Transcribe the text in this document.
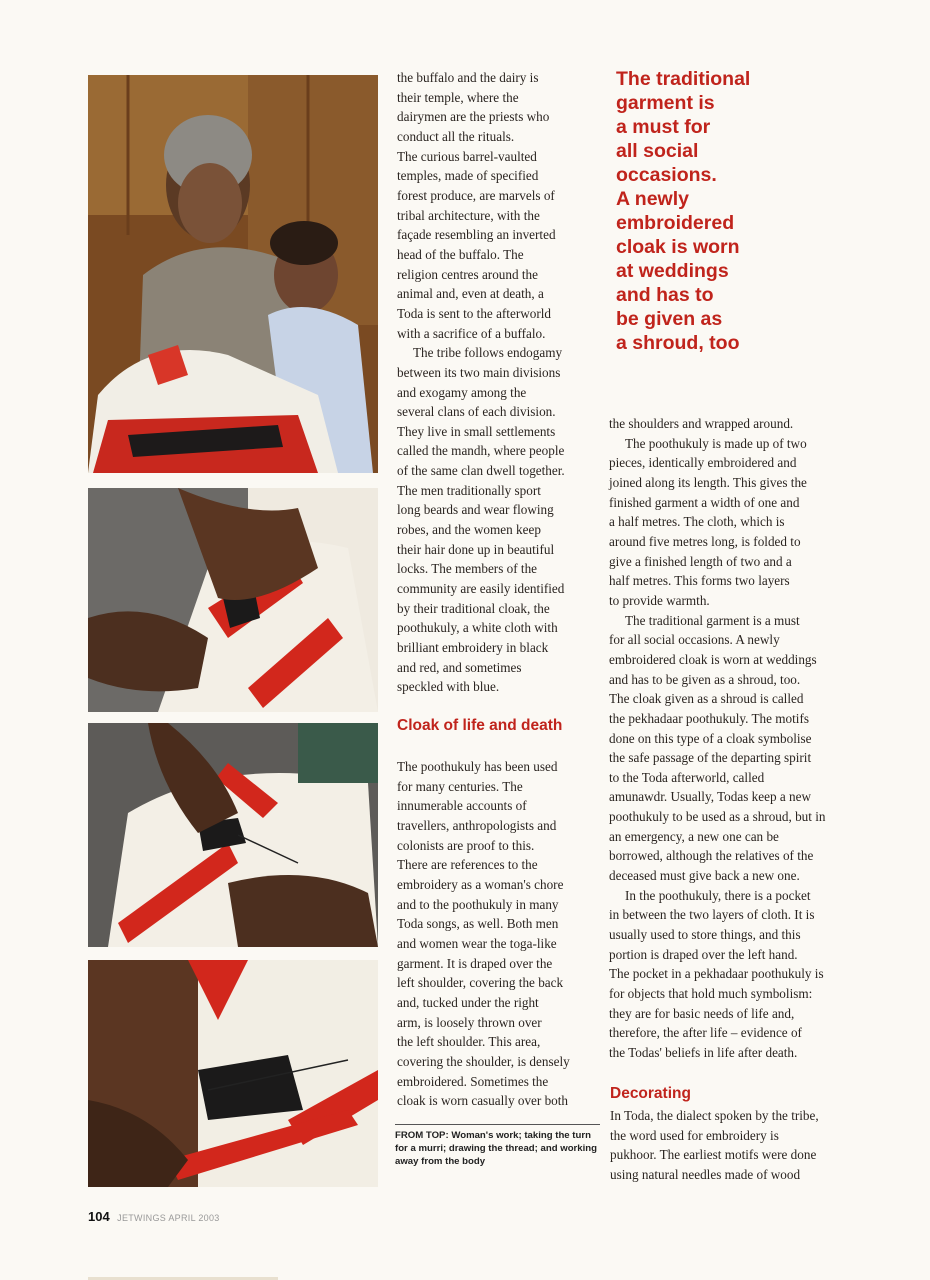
the buffalo and the dairy is

their temple, where the

dairymen are the priests who

conduct all the rituals.

The curious barrel-vaulted

temples, made of specified

forest produce, are marvels of

tribal architecture, with the

façade resembling an inverted

head of the buffalo. The

religion centres around the

animal and, even at death, a

Toda is sent to the afterworld

with a sacrifice of a buffalo.

The tribe follows endogamy

between its two main divisions

and exogamy among the

several clans of each division.

They live in small settlements

called the mandh, where people

of the same clan dwell together.

The men traditionally sport

long beards and wear flowing

robes, and the women keep

their hair done up in beautiful

locks. The members of the

community are easily identified

by their traditional cloak, the

poothukuly, a white cloth with

brilliant embroidery in black

and red, and sometimes

speckled with blue.

Cloak of life and death

The poothukuly has been used

for many centuries. The

innumerable accounts of

travellers, anthropologists and

colonists are proof to this.

There are references to the

embroidery as a woman's chore

and to the poothukuly in many

Toda songs, as well. Both men

and women wear the toga-like

garment. It is draped over the

left shoulder, covering the back

and, tucked under the right

arm, is loosely thrown over

the left shoulder. This area,

covering the shoulder, is densely

embroidered. Sometimes the

cloak is worn casually over both

The traditional
garment is
a must for
all social
occasions.
A newly
embroidered
cloak is worn
at weddings
and has to
be given as
a shroud, too

the shoulders and wrapped around.

The poothukuly is made up of two

pieces, identically embroidered and

joined along its length. This gives the

finished garment a width of one and

a half metres. The cloth, which is

around five metres long, is folded to

give a finished length of two and a

half metres. This forms two layers

to provide warmth.

The traditional garment is a must

for all social occasions. A newly

embroidered cloak is worn at weddings

and has to be given as a shroud, too.

The cloak given as a shroud is called

the pekhadaar poothukuly. The motifs

done on this type of a cloak symbolise

the safe passage of the departing spirit

to the Toda afterworld, called

amunawdr. Usually, Todas keep a new

poothukuly to be used as a shroud, but in

an emergency, a new one can be

borrowed, although the relatives of the

deceased must give back a new one.

In the poothukuly, there is a pocket

in between the two layers of cloth. It is

usually used to store things, and this

portion is draped over the left hand.

The pocket in a pekhadaar poothukuly is

for objects that hold much symbolism:

they are for basic needs of life and,

therefore, the after life – evidence of

the Todas' beliefs in life after death.

Decorating

In Toda, the dialect spoken by the tribe,

the word used for embroidery is

pukhoor. The earliest motifs were done

using natural needles made of wood

FROM TOP: Woman's work; taking the turn for a murri; drawing the thread; and working away from the body
104 JETWINGS APRIL 2003
